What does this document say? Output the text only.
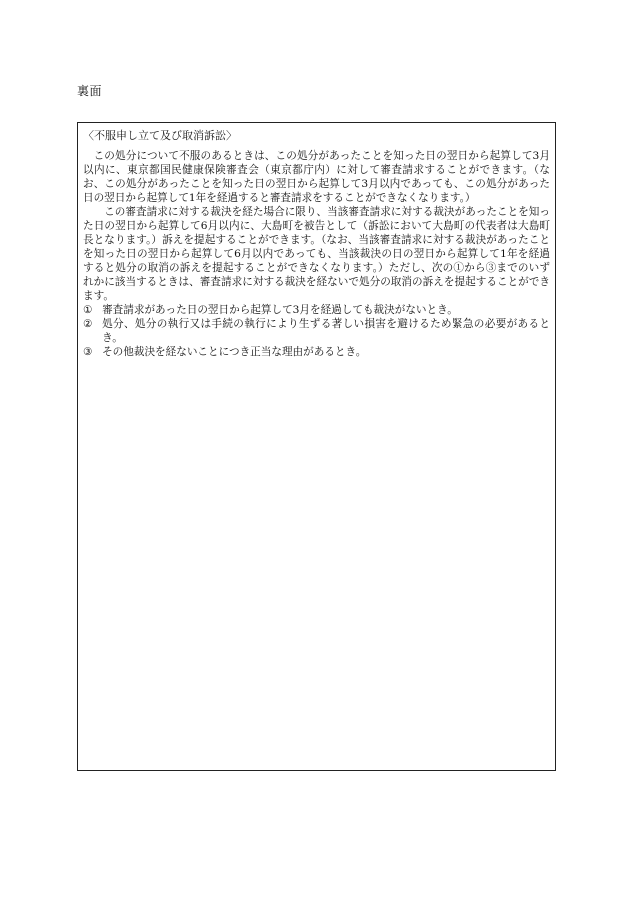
裏面
〈不服申し立て及び取消訴訟〉

この処分について不服のあるときは、この処分があったことを知った日の翌日から起算して3月以内に、東京都国民健康保険審査会（東京都庁内）に対して審査請求することができます。（なお、この処分があったことを知った日の翌日から起算して3月以内であっても、この処分があった日の翌日から起算して1年を経過すると審査請求をすることができなくなります。）

この審査請求に対する裁決を経た場合に限り、当該審査請求に対する裁決があったことを知った日の翌日から起算して6月以内に、大島町を被告として（訴訟において大島町の代表者は大島町長となります。）訴えを提起することができます。（なお、当該審査請求に対する裁決があったことを知った日の翌日から起算して6月以内であっても、当該裁決の日の翌日から起算して1年を経過すると処分の取消の訴えを提起することができなくなります。）ただし、次の①から③までのいずれかに該当するときは、審査請求に対する裁決を経ないで処分の取消の訴えを提起することができます。

① 審査請求があった日の翌日から起算して3月を経過しても裁決がないとき。
② 処分、処分の執行又は手続の執行により生ずる著しい損害を避けるため緊急の必要があるとき。
③ その他裁決を経ないことにつき正当な理由があるとき。
